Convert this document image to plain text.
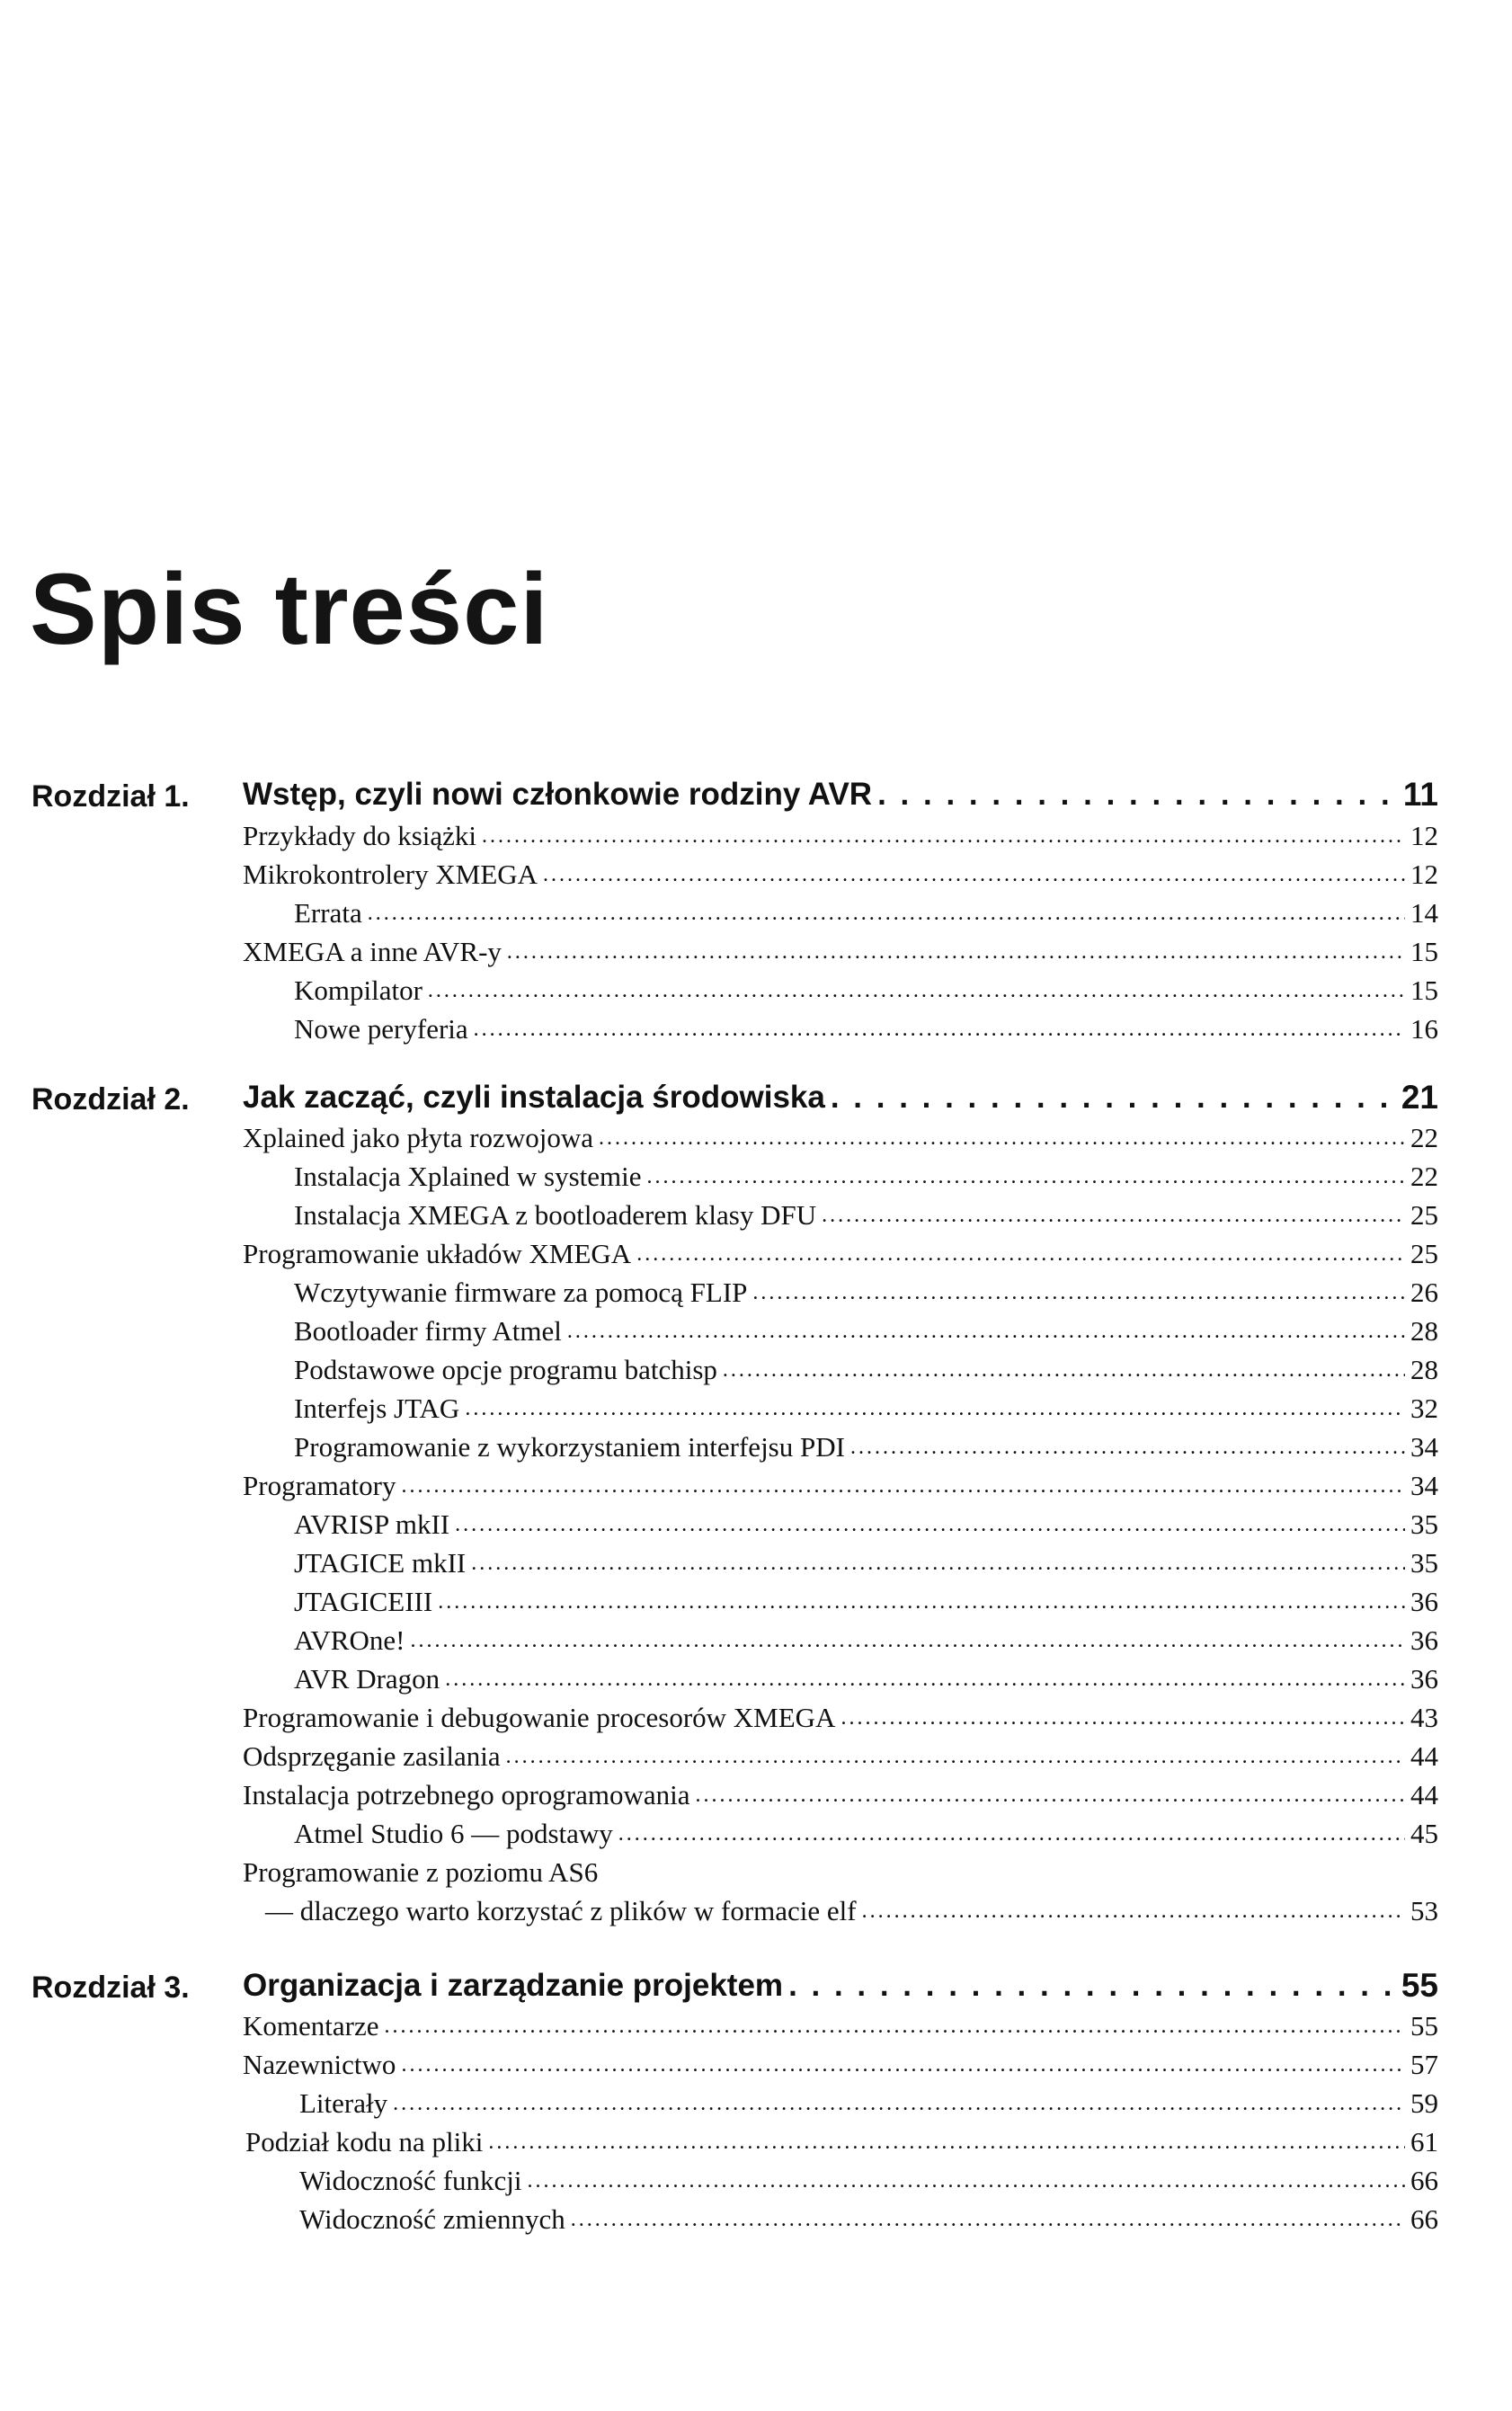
Spis treści
Rozdział 1. Wstęp, czyli nowi członkowie rodziny AVR . . .	11
Przykłady do książki .....	12
Mikrokontrolery XMEGA .....	12
Errata .....	14
XMEGA a inne AVR-y .....	15
Kompilator .....	15
Nowe peryferia .....	16
Rozdział 2. Jak zacząć, czyli instalacja środowiska . . .	21
Xplained jako płyta rozwojowa .....	22
Instalacja Xplained w systemie .....	22
Instalacja XMEGA z bootloaderem klasy DFU .....	25
Programowanie układów XMEGA .....	25
Wczytywanie firmware za pomocą FLIP .....	26
Bootloader firmy Atmel .....	28
Podstawowe opcje programu batchisp .....	28
Interfejs JTAG .....	32
Programowanie z wykorzystaniem interfejsu PDI .....	34
Programatory .....	34
AVRISP mkII .....	35
JTAGICE mkII .....	35
JTAGICEIII .....	36
AVROne! .....	36
AVR Dragon .....	36
Programowanie i debugowanie procesorów XMEGA .....	43
Odsprzęganie zasilania .....	44
Instalacja potrzebnego oprogramowania .....	44
Atmel Studio 6 — podstawy .....	45
Programowanie z poziomu AS6
— dlaczego warto korzystać z plików w formacie elf .....	53
Rozdział 3. Organizacja i zarządzanie projektem . . .	55
Komentarze .....	55
Nazewnictwo .....	57
Literały .....	59
Podział kodu na pliki .....	61
Widoczność funkcji .....	66
Widoczność zmiennych .....	66
